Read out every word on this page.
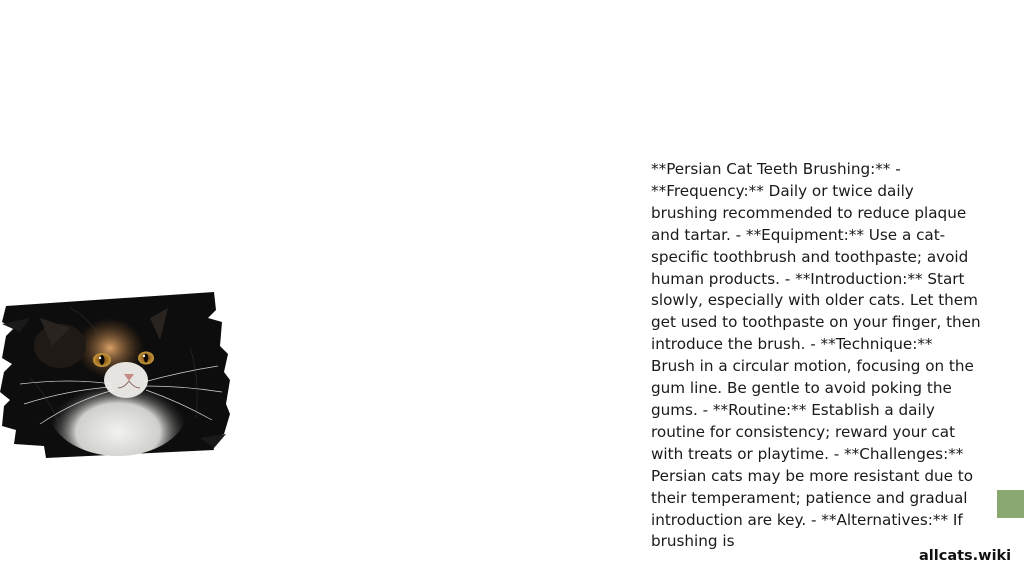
**Persian Cat Teeth Brushing:** - **Frequency:** Daily or twice daily brushing recommended to reduce plaque and tartar. - **Equipment:** Use a cat-specific toothbrush and toothpaste; avoid human products. - **Introduction:** Start slowly, especially with older cats. Let them get used to toothpaste on your finger, then introduce the brush. - **Technique:** Brush in a circular motion, focusing on the gum line. Be gentle to avoid poking the gums. - **Routine:** Establish a daily routine for consistency; reward your cat with treats or playtime. - **Challenges:** Persian cats may be more resistant due to their temperament; patience and gradual introduction are key. - **Alternatives:** If brushing is

allcats.wiki
